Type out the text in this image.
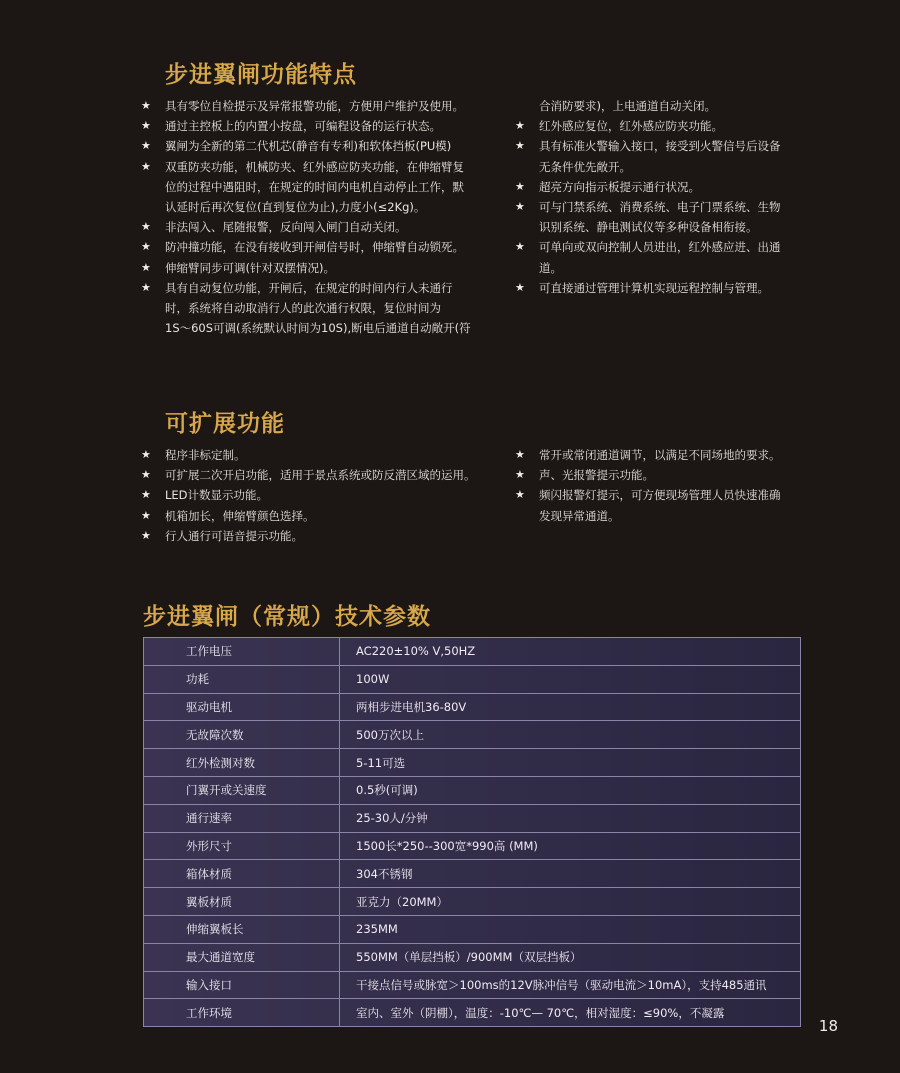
步进翼闸功能特点
★ 具有零位自检提示及异常报警功能，方便用户维护及使用。
★ 通过主控板上的内置小按盘，可编程设备的运行状态。
★ 翼闸为全新的第二代机芯(静音有专利)和软体挡板(PU模)
★ 双重防夹功能，机械防夹、红外感应防夹功能，在伸缩臂复
位的过程中遇阻时，在规定的时间内电机自动停止工作，默
认延时后再次复位(直到复位为止),力度小(≤2Kg)。
★ 非法闯入、尾随报警，反向闯入闸门自动关闭。
★ 防冲撞功能，在没有接收到开闸信号时，伸缩臂自动锁死。
★ 伸缩臂同步可调(针对双摆情况)。
★ 具有自动复位功能，开闸后，在规定的时间内行人未通行
时，系统将自动取消行人的此次通行权限，复位时间为
1S～60S可调(系统默认时间为10S),断电后通道自动敞开(符
合消防要求)，上电通道自动关闭。
★ 红外感应复位，红外感应防夹功能。
★ 具有标准火警输入接口，接受到火警信号后设备
无条件优先敞开。
★ 超亮方向指示板提示通行状况。
★ 可与门禁系统、消费系统、电子门票系统、生物
识别系统、静电测试仪等多种设备相衔接。
★ 可单向或双向控制人员进出，红外感应进、出通
道。
★ 可直接通过管理计算机实现远程控制与管理。
可扩展功能
★ 程序非标定制。
★ 可扩展二次开启功能，适用于景点系统或防反潜区域的运用。
★ LED计数显示功能。
★ 机箱加长，伸缩臂颜色选择。
★ 行人通行可语音提示功能。
★ 常开或常闭通道调节，以满足不同场地的要求。
★ 声、光报警提示功能。
★ 频闪报警灯提示，可方便现场管理人员快速准确
发现异常通道。
步进翼闸（常规）技术参数
工作电压	AC220±10% V,50HZ
功耗	100W
驱动电机	两相步进电机36-80V
无故障次数	500万次以上
红外检测对数	5-11可选
门翼开或关速度	0.5秒(可调)
通行速率	25-30人/分钟
外形尺寸	1500长*250--300宽*990高 (MM)
箱体材质	304不锈钢
翼板材质	亚克力（20MM）
伸缩翼板长	235MM
最大通道宽度	550MM（单层挡板）/900MM（双层挡板）
输入接口	干接点信号或脉宽＞100ms的12V脉冲信号（驱动电流＞10mA），支持485通讯
工作环境	室内、室外（阴棚），温度：-10℃— 70℃，相对湿度：≤90%，不凝露
18
